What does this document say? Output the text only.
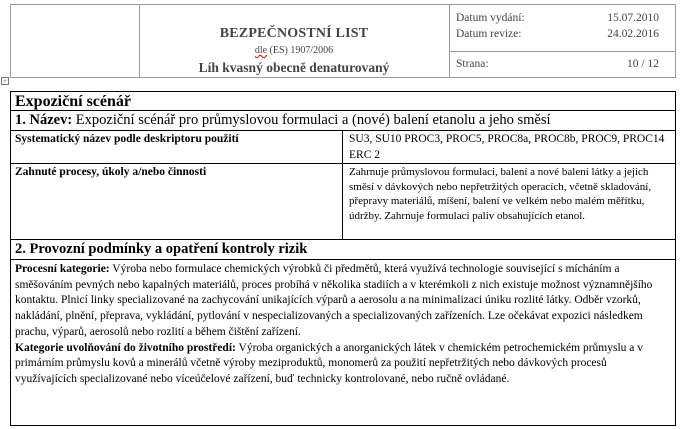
BEZPEČNOSTNÍ LIST
dle (ES) 1907/2006
Líh kvasný obecně denaturovaný
Datum vydání:	15.07.2010
Datum revize:	24.02.2016
Strana:	10 / 12
+
Expoziční scénář
1. Název: Expoziční scénář pro průmyslovou formulaci a (nové) balení etanolu a jeho směsí
Systematický název podle deskriptoru použití	SU3, SU10 PROC3, PROC5, PROC8a, PROC8b, PROC9, PROC14 ERC 2
Zahnuté procesy, úkoly a/nebo činnosti	Zahrnuje průmyslovou formulaci, balení a nové balení látky a jejich směsí v dávkových nebo nepřetržitých operacích, včetně skladování, přepravy materiálů, míšení, balení ve velkém nebo malém měřítku, údržby. Zahrnuje formulaci paliv obsahujících etanol.
2. Provozní podmínky a opatření kontroly rizik
Procesní kategorie: Výroba nebo formulace chemických výrobků či předmětů, která využívá technologie související s mícháním a směšováním pevných nebo kapalných materiálů, proces probíhá v několika stadiích a v kterémkoli z nich existuje možnost významnějšího kontaktu. Plnicí linky specializované na zachycování unikajících výparů a aerosolu a na minimalizaci úniku rozlité látky. Odběr vzorků, nakládání, plnění, přeprava, vykládání, pytlování v nespecializovaných a specializovaných zařízeních. Lze očekávat expozici následkem prachu, výparů, aerosolů nebo rozlití a během čištění zařízení.
Kategorie uvolňování do životního prostředí: Výroba organických a anorganických látek v chemickém petrochemickém průmyslu a v primárním průmyslu kovů a minerálů včetně výroby meziproduktů, monomerů za použití nepřetržitých nebo dávkových procesů využívajících specializované nebo víceúčelové zařízení, buď technicky kontrolované, nebo ručně ovládané.
